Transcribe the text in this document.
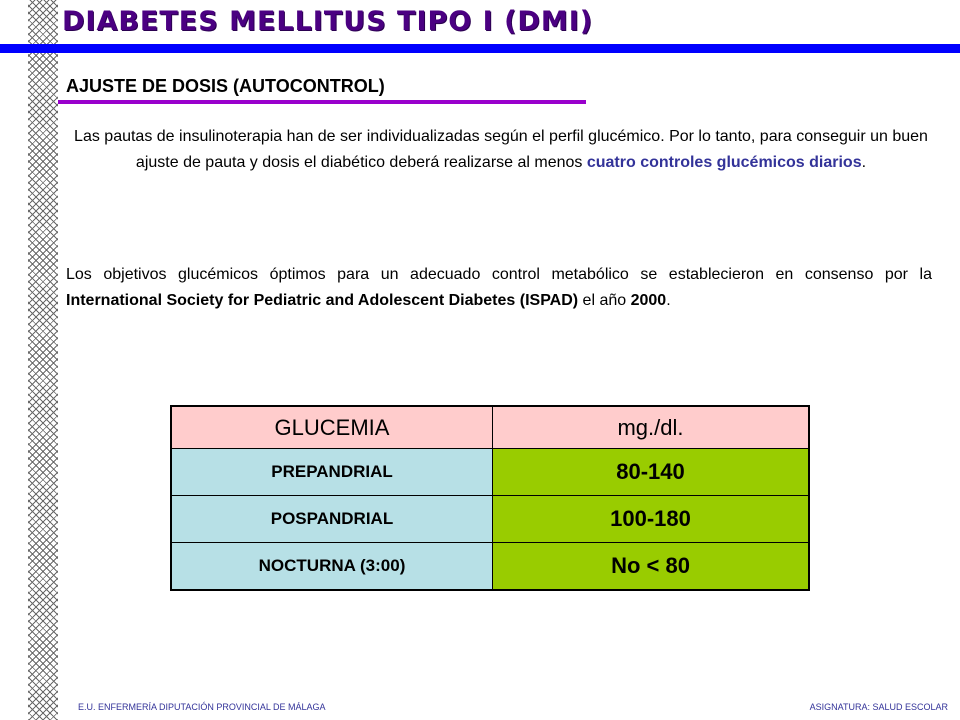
DIABETES MELLITUS TIPO I (DMI)
AJUSTE DE DOSIS (AUTOCONTROL)

Las pautas de insulinoterapia han de ser individualizadas según el perfil glucémico. Por lo tanto, para conseguir un buen ajuste de pauta y dosis el diabético deberá realizarse al menos cuatro controles glucémicos diarios.

Los objetivos glucémicos óptimos para un adecuado control metabólico se establecieron en consenso por la International Society for Pediatric and Adolescent Diabetes (ISPAD) el año 2000.

GLUCEMIA	mg./dl.
PREPANDRIAL	80-140
POSPANDRIAL	100-180
NOCTURNA (3:00)	No < 80
E.U. ENFERMERÍA DIPUTACIÓN PROVINCIAL DE MÁLAGA	ASIGNATURA: SALUD ESCOLAR
